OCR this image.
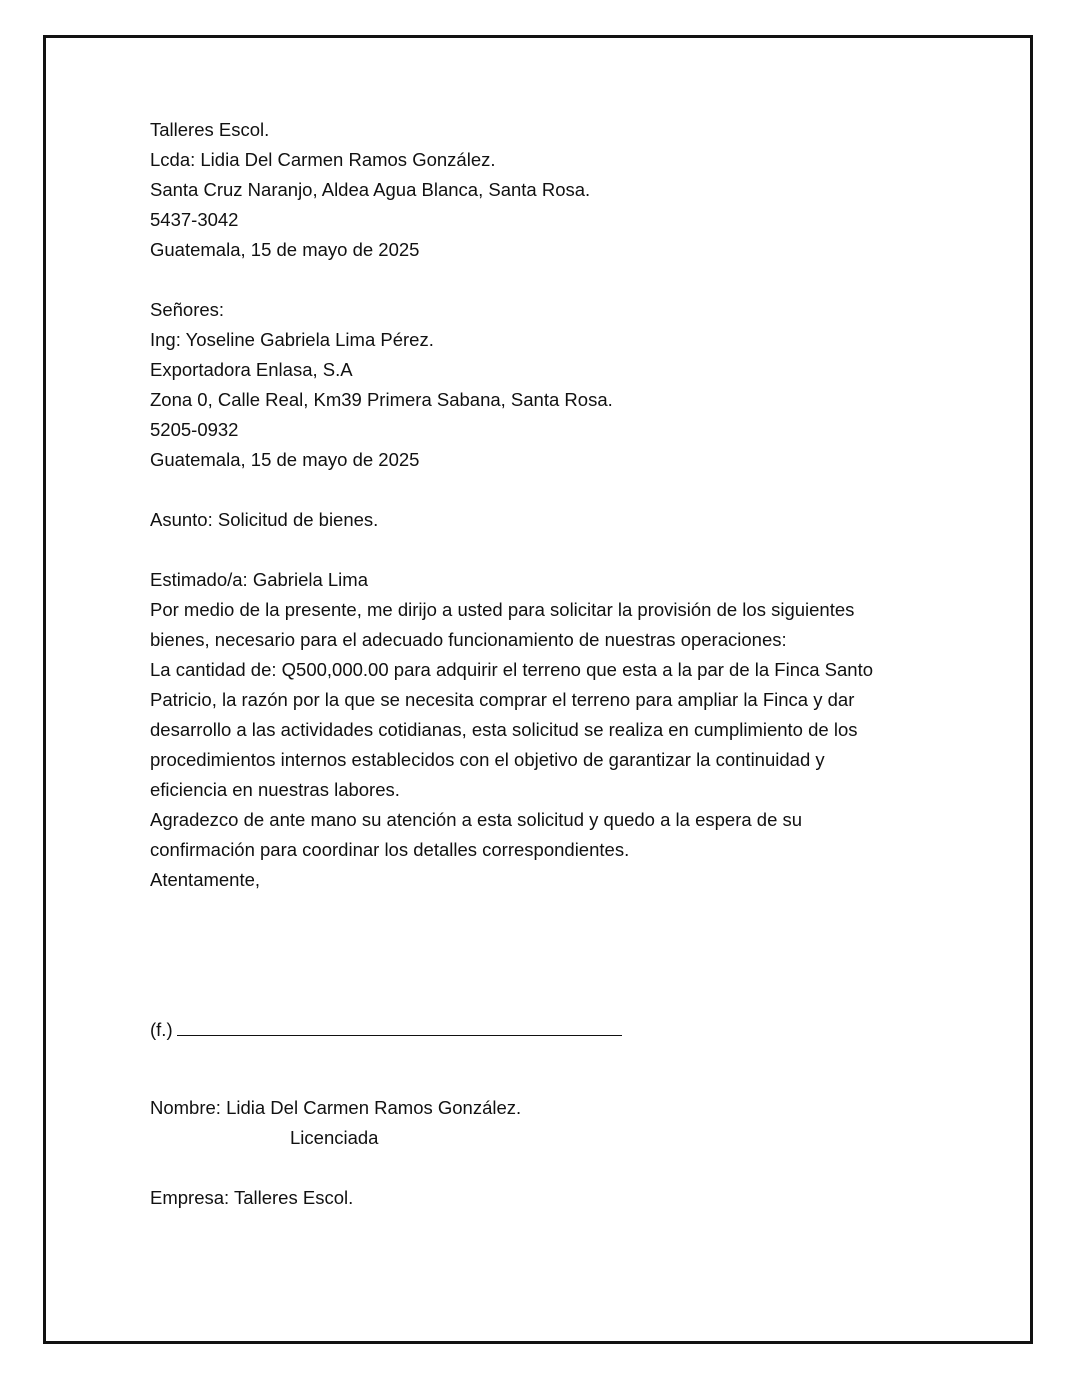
Talleres Escol.
Lcda: Lidia Del Carmen Ramos González.
Santa Cruz Naranjo, Aldea Agua Blanca, Santa Rosa.
5437-3042
Guatemala, 15 de mayo de 2025
Señores:
Ing: Yoseline Gabriela Lima Pérez.
Exportadora Enlasa, S.A
Zona 0, Calle Real, Km39 Primera Sabana, Santa Rosa.
5205-0932
Guatemala, 15 de mayo de 2025
Asunto: Solicitud de bienes.
Estimado/a: Gabriela Lima
Por medio de la presente, me dirijo a usted para solicitar la provisión de los siguientes
bienes, necesario para el adecuado funcionamiento de nuestras operaciones:
La cantidad de: Q500,000.00 para adquirir el terreno que esta a la par de la Finca Santo
Patricio, la razón por la que se necesita comprar el terreno para ampliar la Finca y dar
desarrollo a las actividades cotidianas, esta solicitud se realiza en cumplimiento de los
procedimientos internos establecidos con el objetivo de garantizar la continuidad y
eficiencia en nuestras labores.
Agradezco de ante mano su atención a esta solicitud y quedo a la espera de su
confirmación para coordinar los detalles correspondientes.
Atentamente,
(f.)
Nombre: Lidia Del Carmen Ramos González.
Licenciada
Empresa: Talleres Escol.
